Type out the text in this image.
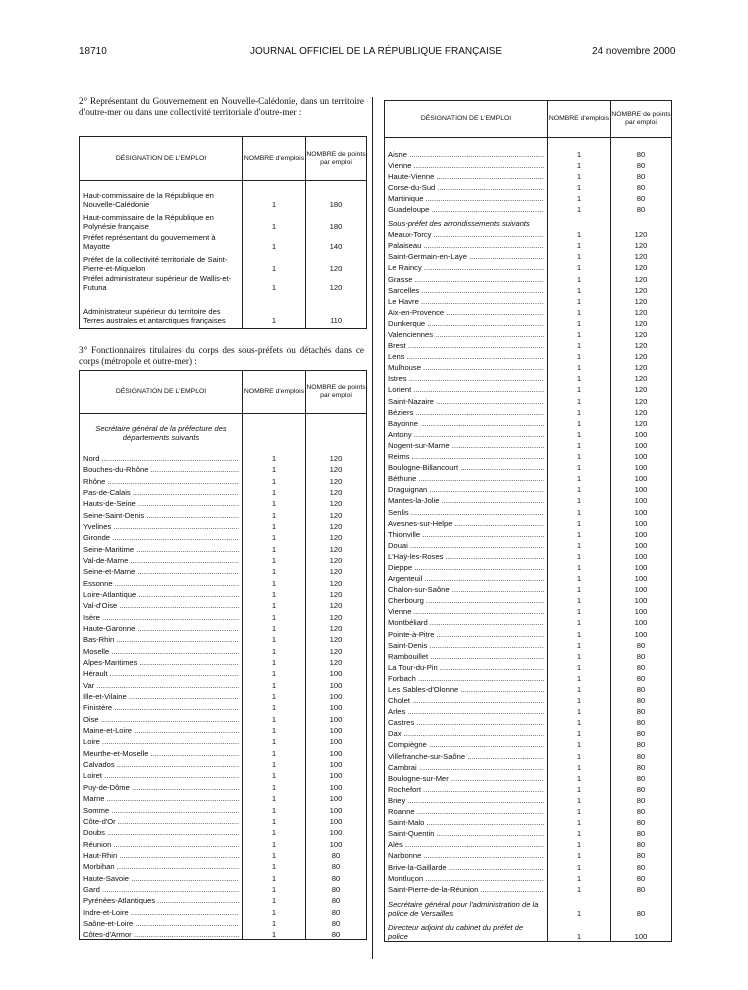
18710	JOURNAL OFFICIEL DE LA RÉPUBLIQUE FRANÇAISE	24 novembre 2000
2° Représentant du Gouvernement en Nouvelle-Calédonie, dans un territoire d'outre-mer ou dans une collectivité territoriale d'outre-mer :
DÉSIGNATION DE L'EMPLOI	NOMBRE d'emplois	NOMBRE de points par emploi

Haut-commissaire de la République en Nouvelle-Calédonie	1	180
Haut-commissaire de la République en Polynésie française	1	180
Préfet représentant du gouvernement à Mayotte	1	140
Préfet de la collectivité territoriale de Saint-Pierre-et-Miquelon	1	120
Préfet administrateur supérieur de Wallis-et-Futuna	1	120
Administrateur supérieur du territoire des Terres australes et antarctiques françaises	1	110

3° Fonctionnaires titulaires du corps des sous-préfets ou détachés dans ce corps (métropole et outre-mer) :
DÉSIGNATION DE L'EMPLOI	NOMBRE d'emplois	NOMBRE de points par emploi
Secrétaire général de la préfecture des départements suivants		

Nord .....	1	120

Bouches-du-Rhône .....	1	120

Rhône .....	1	120

Pas-de-Calais .....	1	120

Hauts-de-Seine .....	1	120

Seine-Saint-Denis .....	1	120

Yvelines .....	1	120

Gironde .....	1	120

Seine-Maritime .....	1	120

Val-de-Marne .....	1	120

Seine-et-Marne .....	1	120

Essonne .....	1	120

Loire-Atlantique .....	1	120

Val-d'Oise .....	1	120

Isère .....	1	120

Haute-Garonne .....	1	120

Bas-Rhin .....	1	120

Moselle .....	1	120

Alpes-Maritimes .....	1	120

Hérault .....	1	100

Var .....	1	100

Ille-et-Vilaine .....	1	100

Finistère .....	1	100

Oise .....	1	100

Maine-et-Loire .....	1	100

Loire .....	1	100

Meurthe-et-Moselle .....	1	100

Calvados .....	1	100

Loiret .....	1	100

Puy-de-Dôme .....	1	100

Marne .....	1	100

Somme .....	1	100

Côte-d'Or .....	1	100

Doubs .....	1	100

Réunion .....	1	100

Haut-Rhin .....	1	80

Morbihan .....	1	80

Haute-Savoie .....	1	80

Gard .....	1	80

Pyrénées-Atlantiques .....	1	80

Indre-et-Loire .....	1	80

Saône-et-Loire .....	1	80

Côtes-d'Armor .....	1	80
DÉSIGNATION DE L'EMPLOI	NOMBRE d'emplois	NOMBRE de points par emploi

Aisne .....	1	80

Vienne .....	1	80

Haute-Vienne .....	1	80

Corse-du-Sud .....	1	80

Martinique .....	1	80

Guadeloupe .....	1	80
Sous-préfet des arrondissements suivants		

Meaux-Torcy .....	1	120

Palaiseau .....	1	120

Saint-Germain-en-Laye .....	1	120

Le Raincy .....	1	120

Grasse .....	1	120

Sarcelles .....	1	120

Le Havre .....	1	120

Aix-en-Provence .....	1	120

Dunkerque .....	1	120

Valenciennes .....	1	120

Brest .....	1	120

Lens .....	1	120

Mulhouse .....	1	120

Istres .....	1	120

Lorient .....	1	120

Saint-Nazaire .....	1	120

Béziers .....	1	120

Bayonne .....	1	120

Antony .....	1	100

Nogent-sur-Marne .....	1	100

Reims .....	1	100

Boulogne-Billancourt .....	1	100

Béthune .....	1	100

Draguignan .....	1	100

Mantes-la-Jolie .....	1	100

Senlis .....	1	100

Avesnes-sur-Helpe .....	1	100

Thionville .....	1	100

Douai .....	1	100

L'Haÿ-les-Roses .....	1	100

Dieppe .....	1	100

Argenteuil .....	1	100

Chalon-sur-Saône .....	1	100

Cherbourg .....	1	100

Vienne .....	1	100

Montbéliard .....	1	100

Pointe-à-Pitre .....	1	100

Saint-Denis .....	1	80

Rambouillet .....	1	80

La Tour-du-Pin .....	1	80

Forbach .....	1	80

Les Sables-d'Olonne .....	1	80

Cholet .....	1	80

Arles .....	1	80

Castres .....	1	80

Dax .....	1	80

Compiègne .....	1	80

Villefranche-sur-Saône .....	1	80

Cambrai .....	1	80

Boulogne-sur-Mer .....	1	80

Rochefort .....	1	80

Briey .....	1	80

Roanne .....	1	80

Saint-Malo .....	1	80

Saint-Quentin .....	1	80

Alès .....	1	80

Narbonne .....	1	80

Brive-la-Gaillarde .....	1	80

Montluçon .....	1	80

Saint-Pierre-de-la-Réunion .....	1	80
Secrétaire général pour l'administration de la police de Versailles	1	80
Directeur adjoint du cabinet du préfet de police	1	100
